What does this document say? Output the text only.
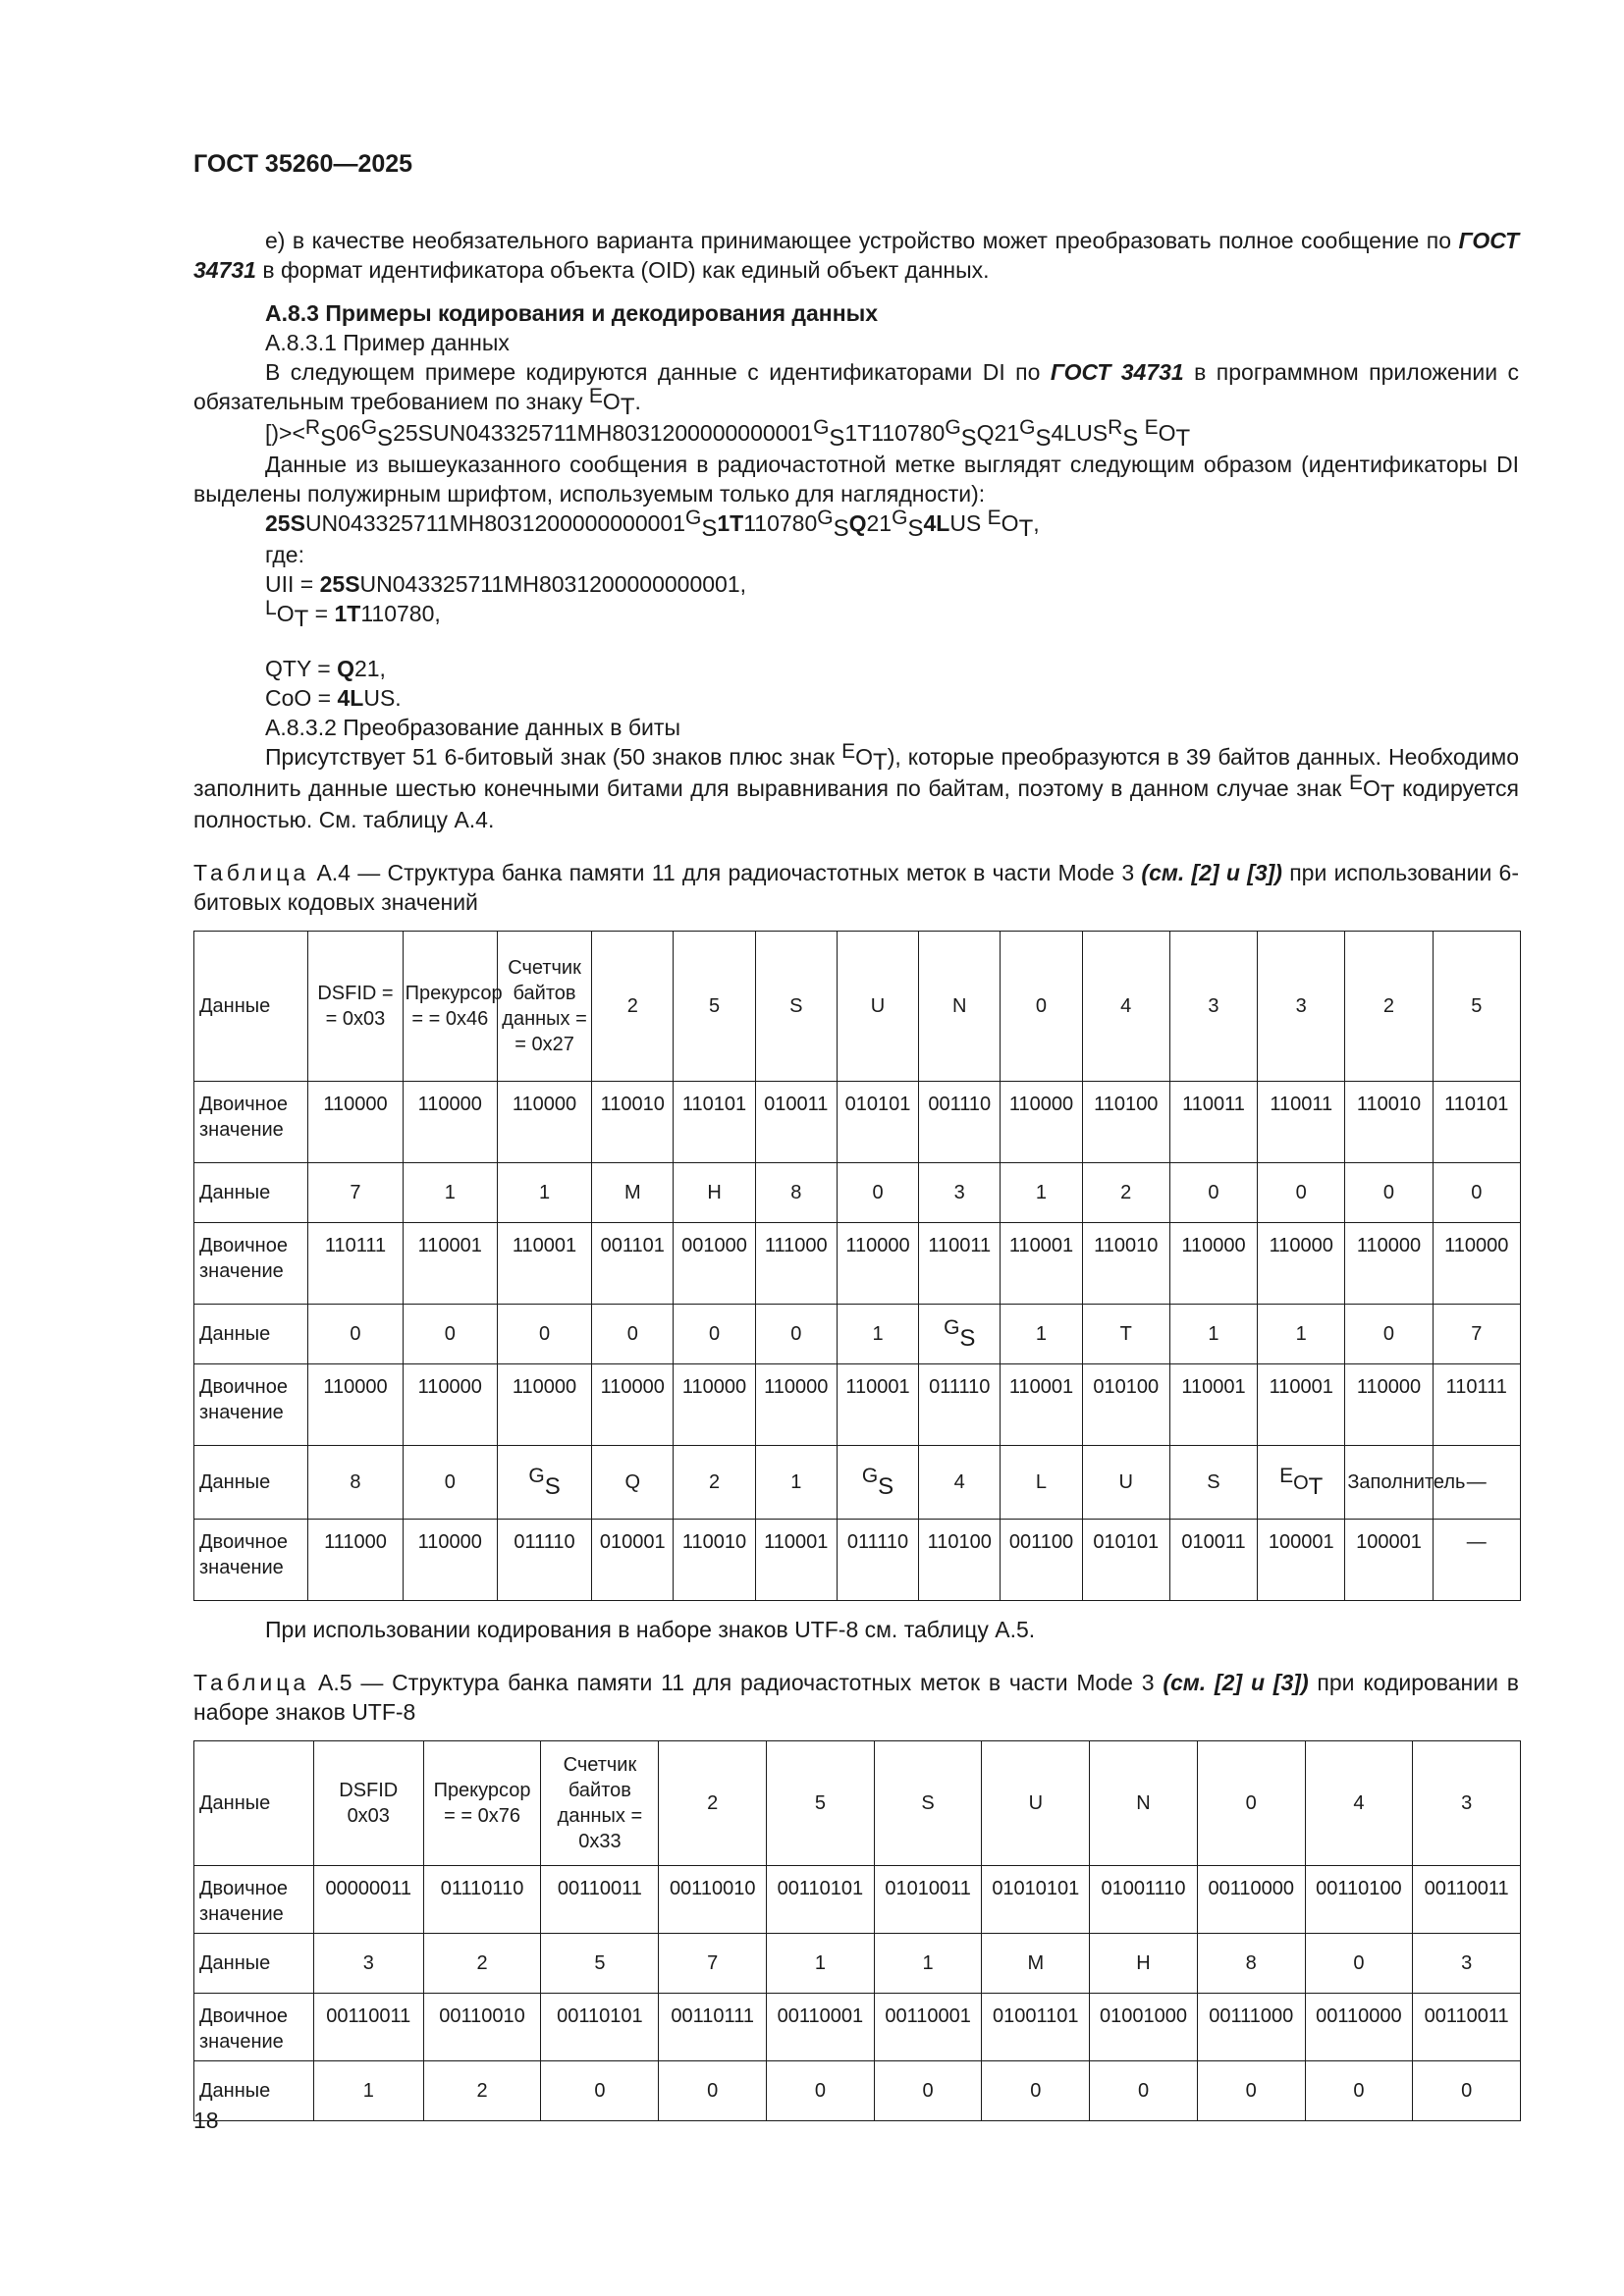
ГОСТ 35260—2025

е) в качестве необязательного варианта принимающее устройство может преобразовать полное сообщение по ГОСТ 34731 в формат идентификатора объекта (OID) как единый объект данных.

А.8.3 Примеры кодирования и декодирования данных

А.8.3.1 Пример данных

В следующем примере кодируются данные с идентификаторами DI по ГОСТ 34731 в программном приложении с обязательным требованием по знаку EOT.

[)><RS06GS25SUN043325711MH8031200000000001GS1T110780GSQ21GS4LUSRS EOT

Данные из вышеуказанного сообщения в радиочастотной метке выглядят следующим образом (идентификаторы DI выделены полужирным шрифтом, используемым только для наглядности):

25SUN043325711MH8031200000000001GS1T110780GSQ21GS4LUS EOT,

где:

UII = 25SUN043325711MH8031200000000001,

LOT = 1T110780,

QTY = Q21,

CoO = 4LUS.

А.8.3.2 Преобразование данных в биты

Присутствует 51 6-битовый знак (50 знаков плюс знак EOT), которые преобразуются в 39 байтов данных. Необходимо заполнить данные шестью конечными битами для выравнивания по байтам, поэтому в данном случае знак EOT кодируется полностью. См. таблицу А.4.

Таблица А.4 — Структура банка памяти 11 для радиочастотных меток в части Mode 3 (см. [2] и [3]) при использовании 6-битовых кодовых значений

Данные	DSFID = = 0x03	Прекурсор = = 0x46	Счетчик байтов данных = = 0x27	2	5	S	U	N	0	4	3	3	2	5
Двоичное значение	110000	110000	110000	110010	110101	010011	010101	001110	110000	110100	110011	110011	110010	110101
Данные	7	1	1	M	H	8	0	3	1	2	0	0	0	0
Двоичное значение	110111	110001	110001	001101	001000	111000	110000	110011	110001	110010	110000	110000	110000	110000
Данные	0	0	0	0	0	0	1	GS	1	T	1	1	0	7
Двоичное значение	110000	110000	110000	110000	110000	110000	110001	011110	110001	010100	110001	110001	110000	110111
Данные	8	0	GS	Q	2	1	GS	4	L	U	S	EOT	Заполнитель	—
Двоичное значение	111000	110000	011110	010001	110010	110001	011110	110100	001100	010101	010011	100001	100001	—

При использовании кодирования в наборе знаков UTF-8 см. таблицу А.5.

Таблица А.5 — Структура банка памяти 11 для радиочастотных меток в части Mode 3 (см. [2] и [3]) при кодировании в наборе знаков UTF-8

Данные	DSFID 0x03	Прекурсор = = 0x76	Счетчик байтов данных = 0x33	2	5	S	U	N	0	4	3
Двоичное значение	00000011	01110110	00110011	00110010	00110101	01010011	01010101	01001110	00110000	00110100	00110011
Данные	3	2	5	7	1	1	M	H	8	0	3
Двоичное значение	00110011	00110010	00110101	00110111	00110001	00110001	01001101	01001000	00111000	00110000	00110011
Данные	1	2	0	0	0	0	0	0	0	0	0
18
